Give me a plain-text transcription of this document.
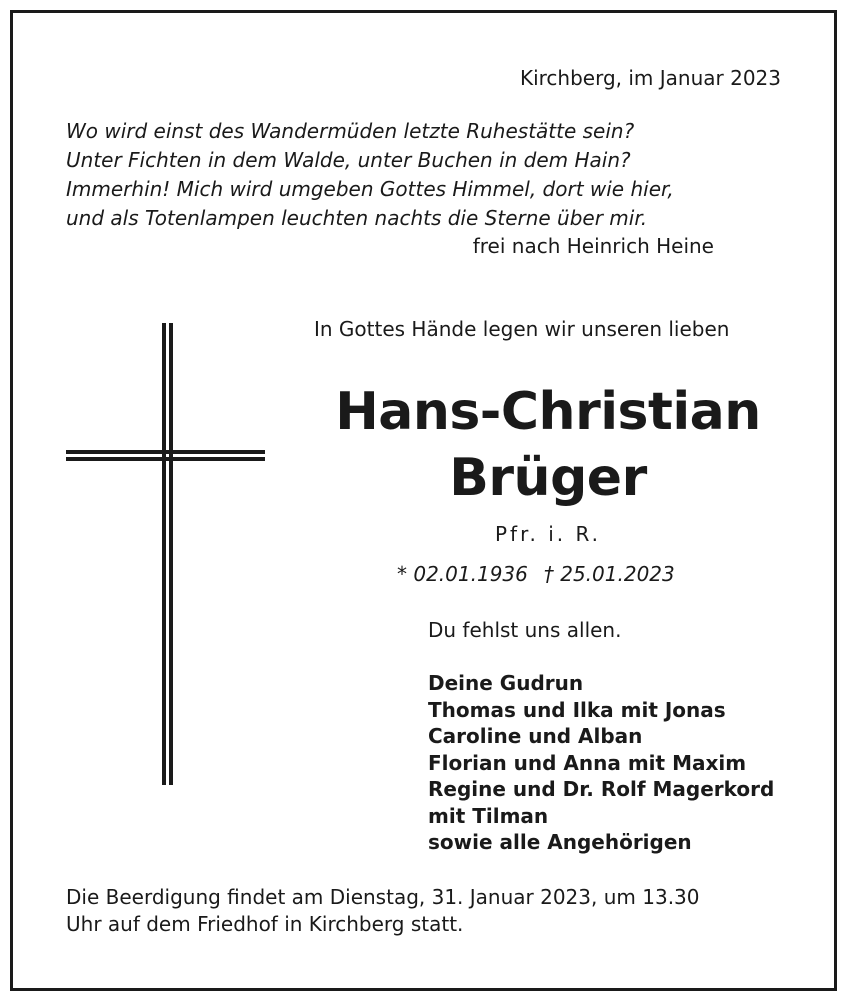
Kirchberg, im Januar 2023
Wo wird einst des Wandermüden letzte Ruhestätte sein?
Unter Fichten in dem Walde, unter Buchen in dem Hain?
Immerhin! Mich wird umgeben Gottes Himmel, dort wie hier,
und als Totenlampen leuchten nachts die Sterne über mir.
frei nach Heinrich Heine
In Gottes Hände legen wir unseren lieben
Hans-Christian
Brüger
Pfr. i. R.
* 02.01.1936 † 25.01.2023
Du fehlst uns allen.
Deine Gudrun
Thomas und Ilka mit Jonas
Caroline und Alban
Florian und Anna mit Maxim
Regine und Dr. Rolf Magerkord
mit Tilman
sowie alle Angehörigen
Die Beerdigung findet am Dienstag, 31. Januar 2023, um 13.30
Uhr auf dem Friedhof in Kirchberg statt.
